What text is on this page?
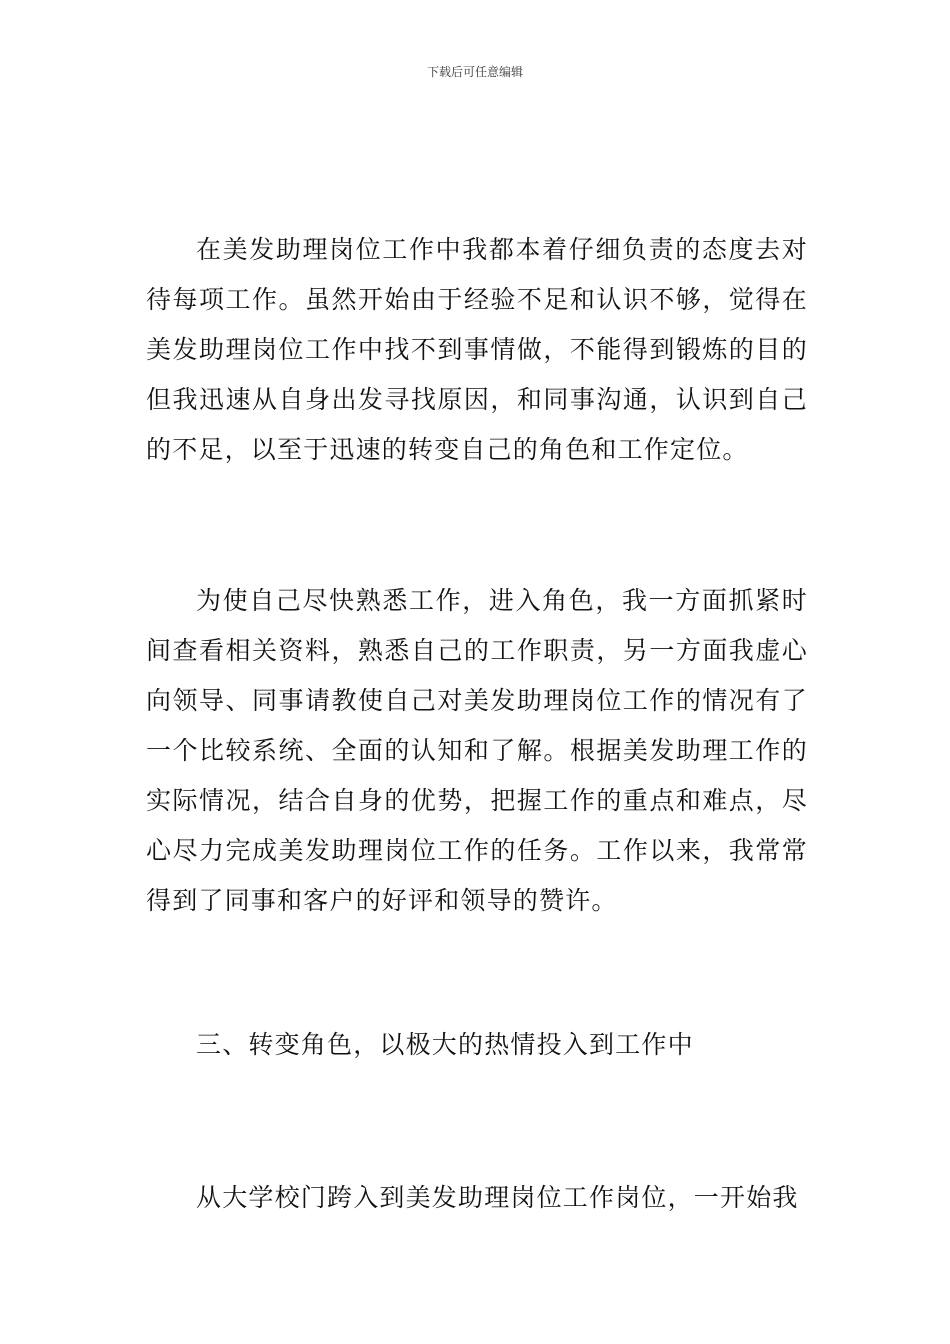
下载后可任意编辑

在美发助理岗位工作中我都本着仔细负责的态度去对待每项工作。虽然开始由于经验不足和认识不够，觉得在美发助理岗位工作中找不到事情做，不能得到锻炼的目的但我迅速从自身出发寻找原因，和同事沟通，认识到自己的不足，以至于迅速的转变自己的角色和工作定位。

为使自己尽快熟悉工作，进入角色，我一方面抓紧时间查看相关资料，熟悉自己的工作职责，另一方面我虚心向领导、同事请教使自己对美发助理岗位工作的情况有了一个比较系统、全面的认知和了解。根据美发助理工作的实际情况，结合自身的优势，把握工作的重点和难点，尽心尽力完成美发助理岗位工作的任务。工作以来，我常常得到了同事和客户的好评和领导的赞许。

三、转变角色，以极大的热情投入到工作中

从大学校门跨入到美发助理岗位工作岗位，一开始我
